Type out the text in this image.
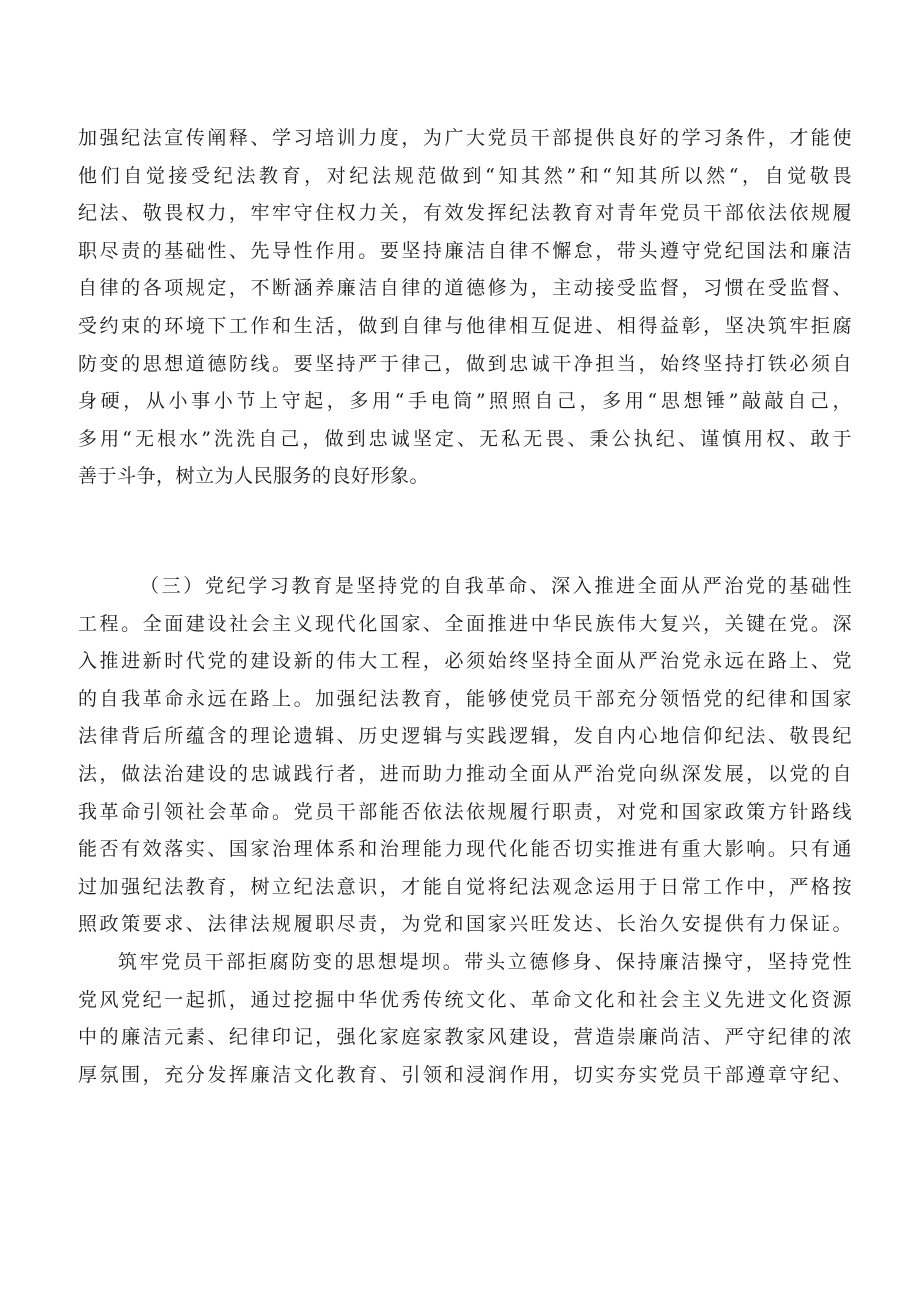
加强纪法宣传阐释、学习培训力度，为广大党员干部提供良好的学习条件，才能使
他们自觉接受纪法教育，对纪法规范做到“知其然”和“知其所以然“，自觉敬畏
纪法、敬畏权力，牢牢守住权力关，有效发挥纪法教育对青年党员干部依法依规履
职尽责的基础性、先导性作用。要坚持廉洁自律不懈怠，带头遵守党纪国法和廉洁
自律的各项规定，不断涵养廉洁自律的道德修为，主动接受监督，习惯在受监督、
受约束的环境下工作和生活，做到自律与他律相互促进、相得益彰，坚决筑牢拒腐
防变的思想道德防线。要坚持严于律己，做到忠诚干净担当，始终坚持打铁必须自
身硬，从小事小节上守起，多用“手电筒”照照自己，多用“思想锤”敲敲自己，
多用“无根水”洗洗自己，做到忠诚坚定、无私无畏、秉公执纪、谨慎用权、敢于
善于斗争，树立为人民服务的良好形象。
（三）党纪学习教育是坚持党的自我革命、深入推进全面从严治党的基础性
工程。全面建设社会主义现代化国家、全面推进中华民族伟大复兴，关键在党。深
入推进新时代党的建设新的伟大工程，必须始终坚持全面从严治党永远在路上、党
的自我革命永远在路上。加强纪法教育，能够使党员干部充分领悟党的纪律和国家
法律背后所蕴含的理论遗辑、历史逻辑与实践逻辑，发自内心地信仰纪法、敬畏纪
法，做法治建设的忠诚践行者，进而助力推动全面从严治党向纵深发展，以党的自
我革命引领社会革命。党员干部能否依法依规履行职责，对党和国家政策方针路线
能否有效落实、国家治理体系和治理能力现代化能否切实推进有重大影响。只有通
过加强纪法教育，树立纪法意识，才能自觉将纪法观念运用于日常工作中，严格按
照政策要求、法律法规履职尽责，为党和国家兴旺发达、长治久安提供有力保证。
筑牢党员干部拒腐防变的思想堤坝。带头立德修身、保持廉洁操守，坚持党性
党风党纪一起抓，通过挖掘中华优秀传统文化、革命文化和社会主义先进文化资源
中的廉洁元素、纪律印记，强化家庭家教家风建设，营造崇廉尚洁、严守纪律的浓
厚氛围，充分发挥廉洁文化教育、引领和浸润作用，切实夯实党员干部遵章守纪、
